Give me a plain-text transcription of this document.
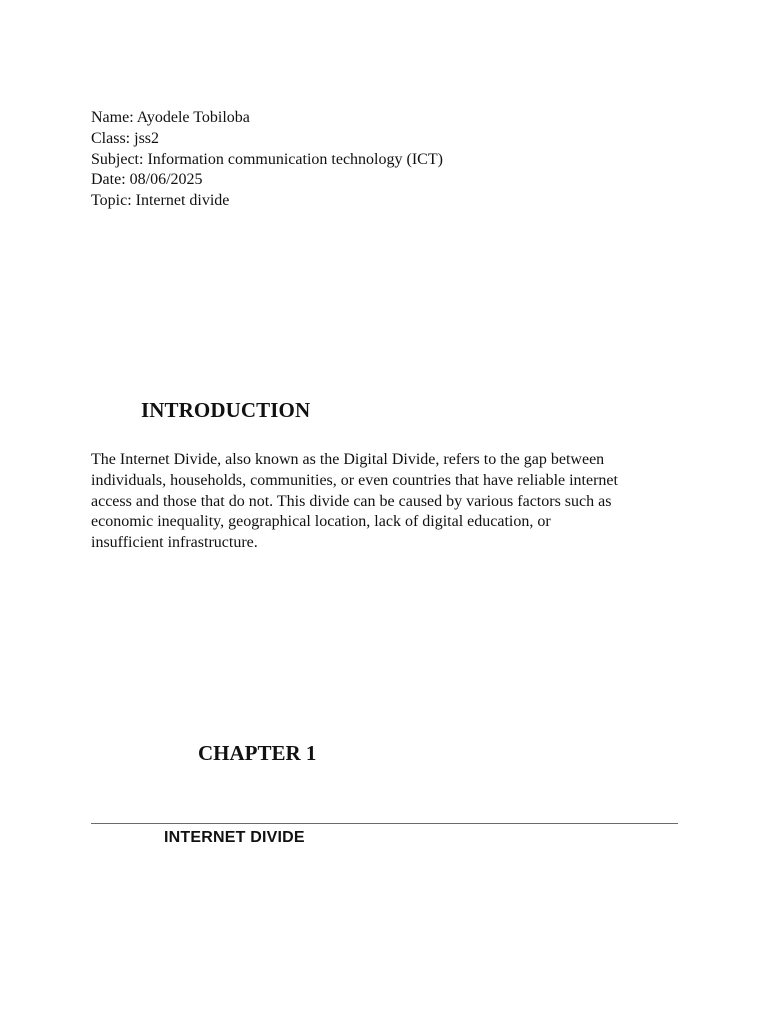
Name: Ayodele Tobiloba
Class: jss2
Subject: Information communication technology (ICT)
Date: 08/06/2025
Topic: Internet divide
INTRODUCTION

The Internet Divide, also known as the Digital Divide, refers to the gap between
individuals, households, communities, or even countries that have reliable internet
access and those that do not. This divide can be caused by various factors such as
economic inequality, geographical location, lack of digital education, or
insufficient infrastructure.

CHAPTER 1
INTERNET DIVIDE
